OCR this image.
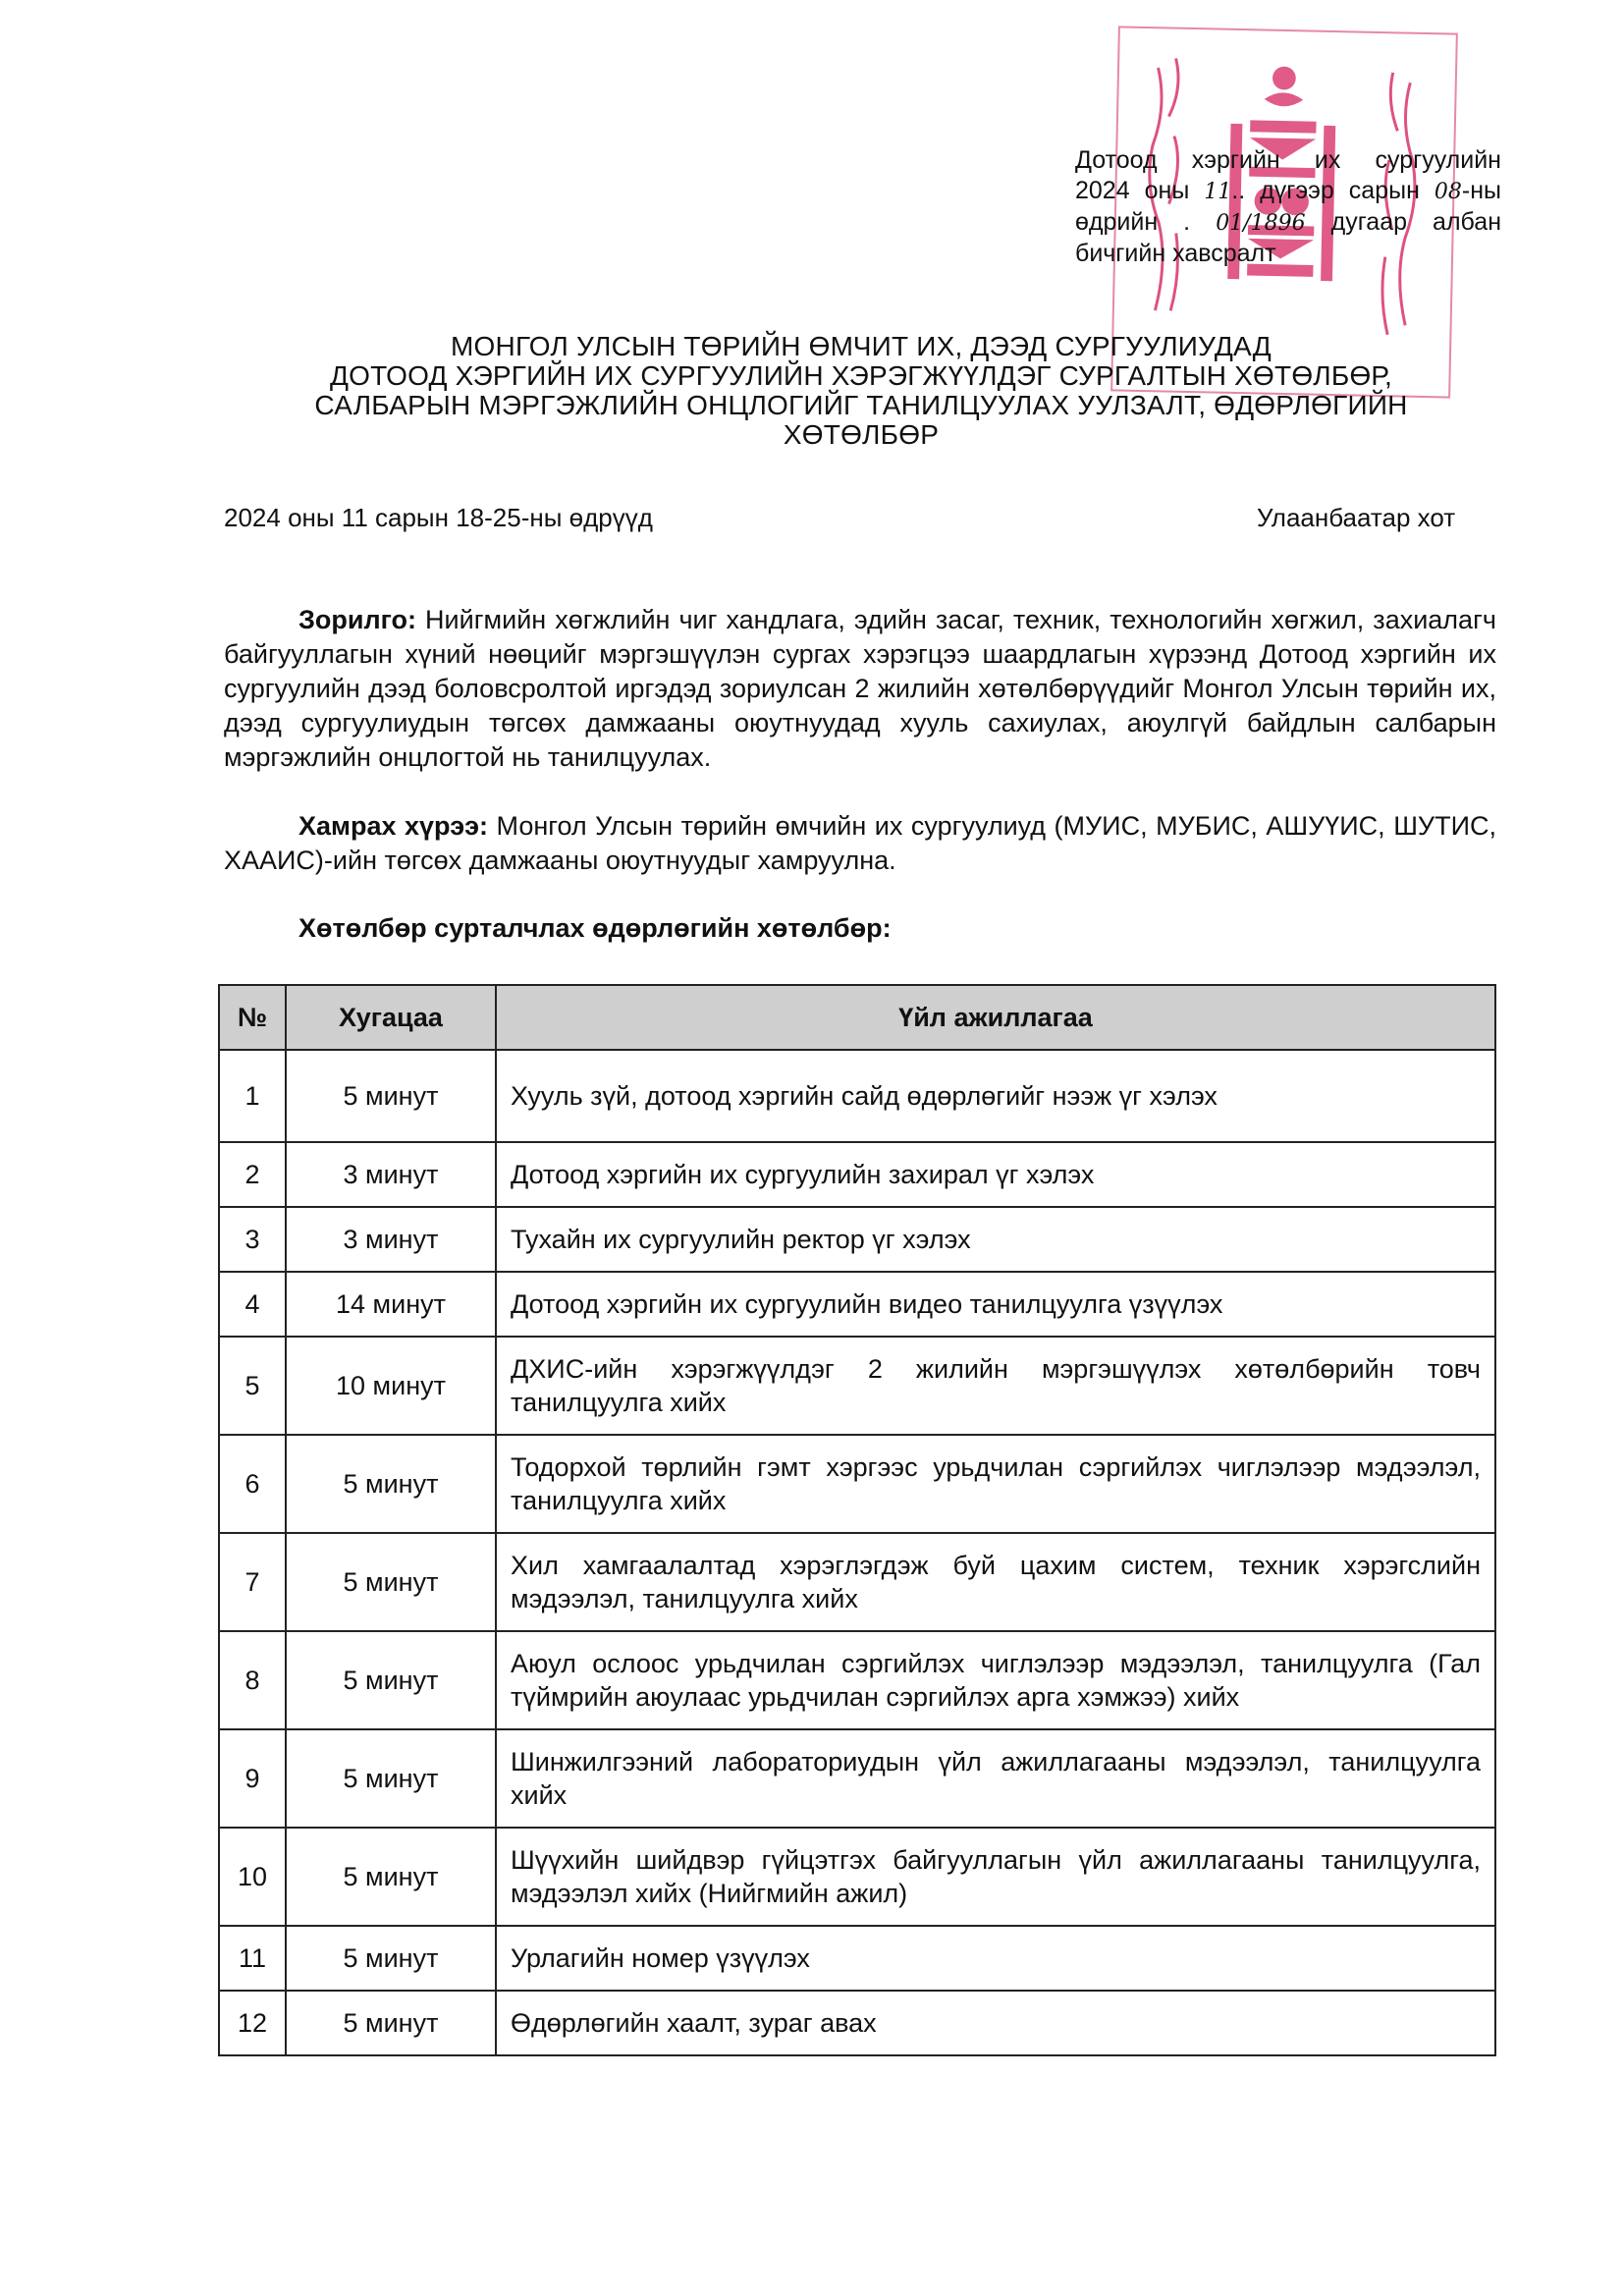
Дотоод хэргийн их сургуулийн
2024 оны 11.. дүгээр сарын 08-ны
өдрийн . 01/1896 дугаар албан
бичгийн хавсралт
МОНГОЛ УЛСЫН ТӨРИЙН ӨМЧИТ ИХ, ДЭЭД СУРГУУЛИУДАД
ДОТООД ХЭРГИЙН ИХ СУРГУУЛИЙН ХЭРЭГЖҮҮЛДЭГ СУРГАЛТЫН ХӨТӨЛБӨР,
САЛБАРЫН МЭРГЭЖЛИЙН ОНЦЛОГИЙГ ТАНИЛЦУУЛАХ УУЛЗАЛТ, ӨДӨРЛӨГИЙН
ХӨТӨЛБӨР
2024 оны 11 сарын 18-25-ны өдрүүд	Улаанбаатар хот
Зорилго: Нийгмийн хөгжлийн чиг хандлага, эдийн засаг, техник, технологийн хөгжил, захиалагч байгууллагын хүний нөөцийг мэргэшүүлэн сургах хэрэгцээ шаардлагын хүрээнд Дотоод хэргийн их сургуулийн дээд боловсролтой иргэдэд зориулсан 2 жилийн хөтөлбөрүүдийг Монгол Улсын төрийн их, дээд сургуулиудын төгсөх дамжааны оюутнуудад хууль сахиулах, аюулгүй байдлын салбарын мэргэжлийн онцлогтой нь танилцуулах.
Хамрах хүрээ: Монгол Улсын төрийн өмчийн их сургуулиуд (МУИС, МУБИС, АШУҮИС, ШУТИС, ХААИС)-ийн төгсөх дамжааны оюутнуудыг хамруулна.
Хөтөлбөр сурталчлах өдөрлөгийн хөтөлбөр:
№	Хугацаа	Үйл ажиллагаа
1	5 минут	Хууль зүй, дотоод хэргийн сайд өдөрлөгийг нээж үг хэлэх
2	3 минут	Дотоод хэргийн их сургуулийн захирал үг хэлэх
3	3 минут	Тухайн их сургуулийн ректор үг хэлэх
4	14 минут	Дотоод хэргийн их сургуулийн видео танилцуулга үзүүлэх
5	10 минут	ДХИС-ийн хэрэгжүүлдэг 2 жилийн мэргэшүүлэх хөтөлбөрийн товч танилцуулга хийх
6	5 минут	Тодорхой төрлийн гэмт хэргээс урьдчилан сэргийлэх чиглэлээр мэдээлэл, танилцуулга хийх
7	5 минут	Хил хамгаалалтад хэрэглэгдэж буй цахим систем, техник хэрэгслийн мэдээлэл, танилцуулга хийх
8	5 минут	Аюул ослоос урьдчилан сэргийлэх чиглэлээр мэдээлэл, танилцуулга (Гал түймрийн аюулаас урьдчилан сэргийлэх арга хэмжээ) хийх
9	5 минут	Шинжилгээний лабораториудын үйл ажиллагааны мэдээлэл, танилцуулга хийх
10	5 минут	Шүүхийн шийдвэр гүйцэтгэх байгууллагын үйл ажиллагааны танилцуулга, мэдээлэл хийх (Нийгмийн ажил)
11	5 минут	Урлагийн номер үзүүлэх
12	5 минут	Өдөрлөгийн хаалт, зураг авах
